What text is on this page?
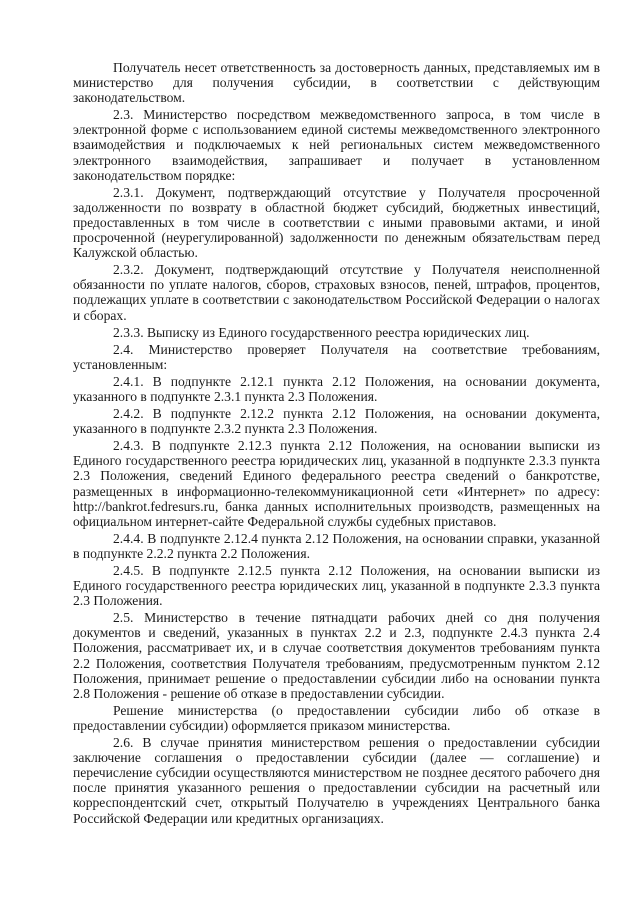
Получатель несет ответственность за достоверность данных, представляемых им в министерство для получения субсидии, в соответствии с действующим законодательством.

2.3. Министерство посредством межведомственного запроса, в том числе в электронной форме с использованием единой системы межведомственного электронного взаимодействия и подключаемых к ней региональных систем межведомственного электронного взаимодействия, запрашивает и получает в установленном законодательством порядке:

2.3.1. Документ, подтверждающий отсутствие у Получателя просроченной задолженности по возврату в областной бюджет субсидий, бюджетных инвестиций, предоставленных в том числе в соответствии с иными правовыми актами, и иной просроченной (неурегулированной) задолженности по денежным обязательствам перед Калужской областью.

2.3.2. Документ, подтверждающий отсутствие у Получателя неисполненной обязанности по уплате налогов, сборов, страховых взносов, пеней, штрафов, процентов, подлежащих уплате в соответствии с законодательством Российской Федерации о налогах и сборах.

2.3.3. Выписку из Единого государственного реестра юридических лиц.

2.4. Министерство проверяет Получателя на соответствие требованиям, установленным:

2.4.1. В подпункте 2.12.1 пункта 2.12 Положения, на основании документа, указанного в подпункте 2.3.1 пункта 2.3 Положения.

2.4.2. В подпункте 2.12.2 пункта 2.12 Положения, на основании документа, указанного в подпункте 2.3.2 пункта 2.3 Положения.

2.4.3. В подпункте 2.12.3 пункта 2.12 Положения, на основании выписки из Единого государственного реестра юридических лиц, указанной в подпункте 2.3.3 пункта 2.3 Положения, сведений Единого федерального реестра сведений о банкротстве, размещенных в информационно-телекоммуникационной сети «Интернет» по адресу: http://bankrot.fedresurs.ru, банка данных исполнительных производств, размещенных на официальном интернет-сайте Федеральной службы судебных приставов.

2.4.4. В подпункте 2.12.4 пункта 2.12 Положения, на основании справки, указанной в подпункте 2.2.2 пункта 2.2 Положения.

2.4.5. В подпункте 2.12.5 пункта 2.12 Положения, на основании выписки из Единого государственного реестра юридических лиц, указанной в подпункте 2.3.3 пункта 2.3 Положения.

2.5. Министерство в течение пятнадцати рабочих дней со дня получения документов и сведений, указанных в пунктах 2.2 и 2.3, подпункте 2.4.3 пункта 2.4 Положения, рассматривает их, и в случае соответствия документов требованиям пункта 2.2 Положения, соответствия Получателя требованиям, предусмотренным пунктом 2.12 Положения, принимает решение о предоставлении субсидии либо на основании пункта 2.8 Положения - решение об отказе в предоставлении субсидии.

Решение министерства (о предоставлении субсидии либо об отказе в предоставлении субсидии) оформляется приказом министерства.

2.6. В случае принятия министерством решения о предоставлении субсидии заключение соглашения о предоставлении субсидии (далее — соглашение) и перечисление субсидии осуществляются министерством не позднее десятого рабочего дня после принятия указанного решения о предоставлении субсидии на расчетный или корреспондентский счет, открытый Получателю в учреждениях Центрального банка Российской Федерации или кредитных организациях.
